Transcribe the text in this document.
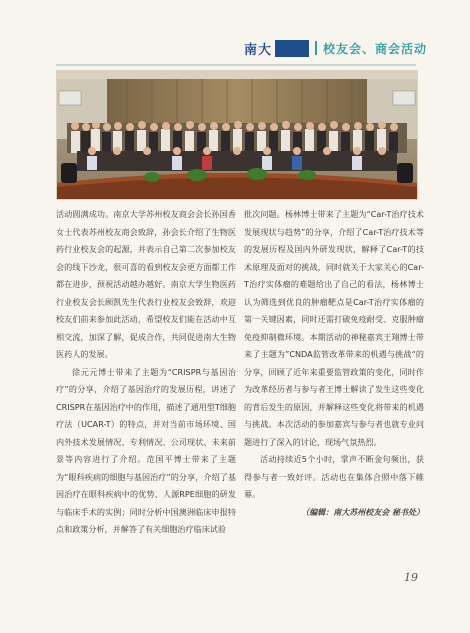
南大	校友会、商会活动

活动圆满成功。南京大学苏州校友商会会长孙国香女士代表苏州校友商会致辞，孙会长介绍了生物医药行业校友会的起源，并表示自己第二次参加校友会的线下沙龙，很可喜的看到校友会更方面都工作都在进步，预祝活动越办越好。南京大学生物医药行业校友会长顾凯先生代表行业校友会致辞，欢迎校友们前来参加此活动，希望校友们能在活动中互相交流，加深了解，促成合作，共同促进南大生物医药人的发展。

徐元元博士带来了主题为“CRISPR与基因治疗”的分享，介绍了基因治疗的发展历程，讲述了CRISPR在基因治疗中的作用，描述了通用型T细胞疗法（UCAR-T）的特点，并对当前市场环境、国内外技术发展情况、专利情况、公司现状、未来前景等内容进行了介绍。范国平博士带来了主题为“眼科疾病的细胞与基因治疗”的分享，介绍了基因治疗在眼科疾病中的优势、人源RPE细胞的研发与临床手术的实例；同时分析中国澳洲临床申报特点和政策分析，并解答了有关细胞治疗临床试验

批次问题。杨林博士带来了主题为“Car-T治疗技术发展现状与趋势”的分享，介绍了Car-T治疗技术等的发展历程及国内外研发现状，解释了Car-T的技术原理及面对的挑战，同时就关于大家关心的Car-T治疗实体瘤的难题给出了自己的看法，杨林博士认为筛选到优良的肿瘤靶点是Car-T治疗实体瘤的第一关键因素，同时还需打破免疫耐受、克服肿瘤免疫抑制微环境。本期活动的神秘嘉宾王翔博士带来了主题为”CNDA监管改革带来的机遇与挑战“的分享，回顾了近年来重要监管政策的变化，同时作为改革经历者与参与者王博士解读了发生这些变化的背后发生的原因，并解释这些变化将带来的机遇与挑战。本次活动的参加嘉宾与参与者也就专业问题进行了深入的讨论，现场气氛热烈。

活动持续近5个小时，掌声不断金句频出，获得参与者一致好评。活动也在集体合照中落下帷幕。

（编辑：南大苏州校友会 秘书处）

19
